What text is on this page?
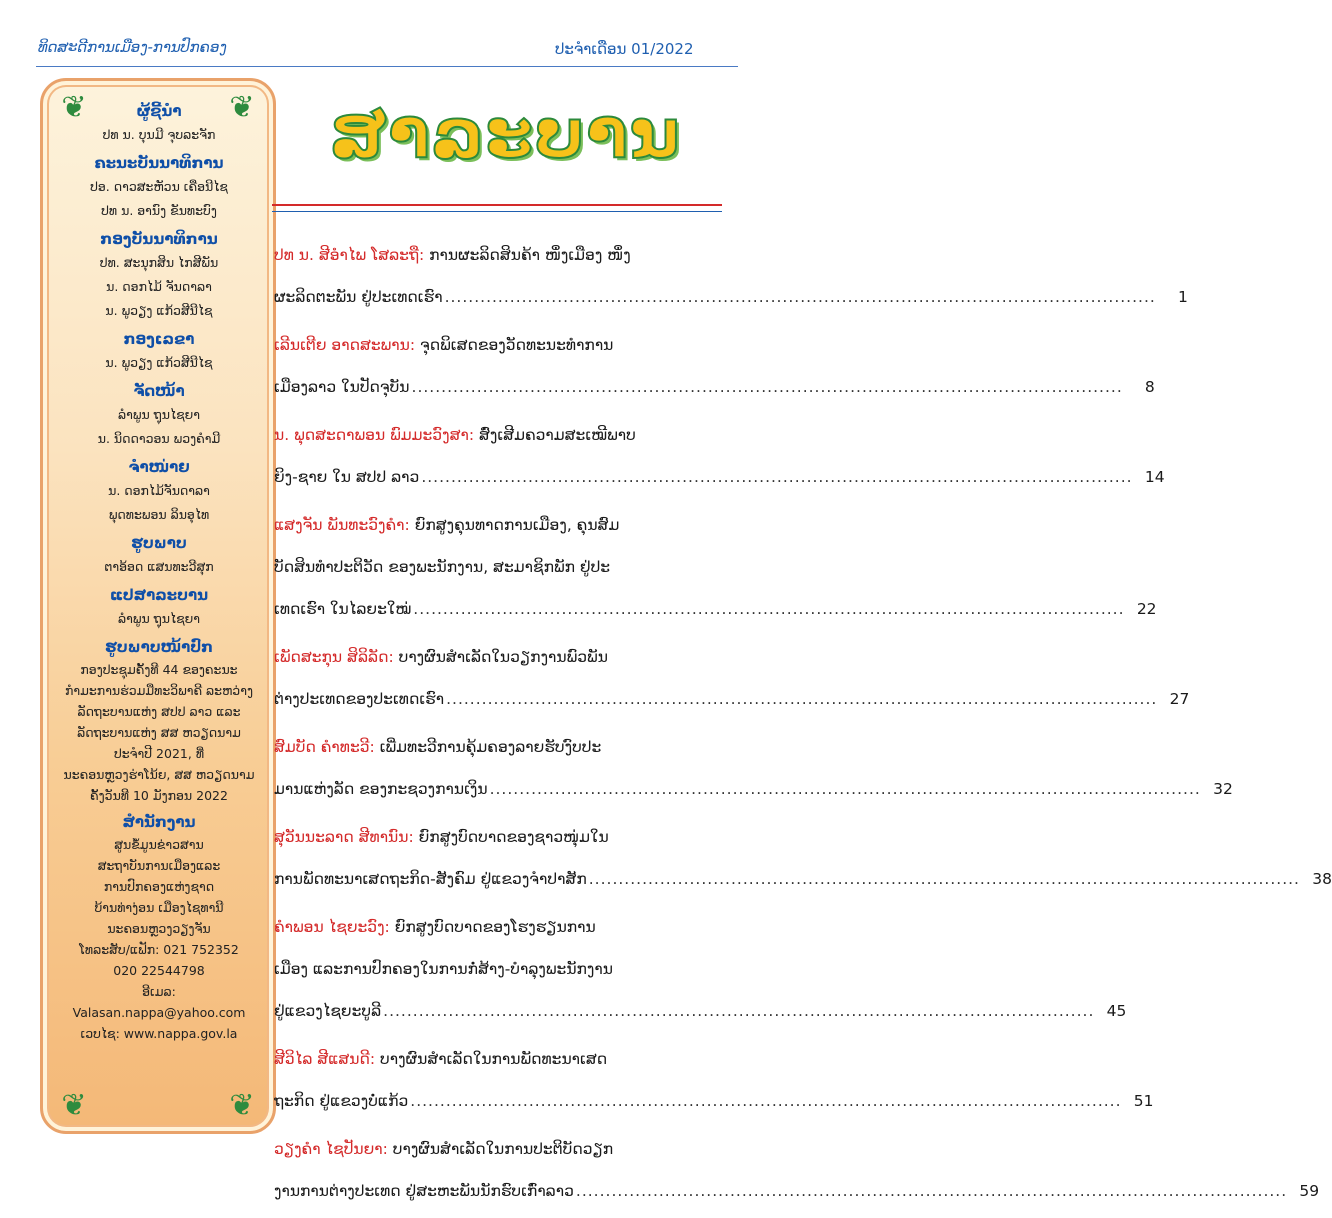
ທິດສະດີການເມືອງ-ການປົກຄອງ	ປະຈໍາເດືອນ 01/2022
❦	❦
❦	❦
ຜູ້ຊີ້ນໍາ
ປທ ນ. ບຸນມີ ຈຸບລະຈັກ
ຄະນະບັນນາທິການ
ປອ. ດາວສະຫັວນ ເຄືອນີໄຊ
ປທ ນ. ອານົງ ຂັນທະບົງ
ກອງບັນນາທິການ
ປທ. ສະນຸກສິນ ໄກສີພັນ
ນ. ດອກໄມ້ ຈັນດາລາ
ນ. ພູວຽງ ແກ້ວສີນີໄຊ
ກອງເລຂາ
ນ. ພູວຽງ ແກ້ວສີນີໄຊ
ຈັດໜ້າ
ລໍາພູນ ຖຸນໄຊຍາ
ນ. ນິດດາວອນ ພວງຄໍາມີ
ຈໍາໜ່າຍ
ນ. ດອກໄມ້ຈັນດາລາ
ພຸດທະພອນ ລິນອຸໄທ
ຮູບພາບ
ຕາອ້ອດ ແສນທະວີສຸກ
ແປສາລະບານ
ລໍາພູນ ຖຸນໄຊຍາ
ຮູບພາບໜ້າປົກ
ກອງປະຊຸມຄັ້ງທີ 44 ຂອງຄະນະ
ກໍາມະການຮ່ວມມືທະວິພາຄີ ລະຫວ່າງ
ລັດຖະບານແຫ່ງ ສປປ ລາວ ແລະ
ລັດຖະບານແຫ່ງ ສສ ຫວຽດນາມ
ປະຈໍາປີ 2021, ທີ່
ນະຄອນຫຼວງຮ່າໂນ້ຍ, ສສ ຫວຽດນາມ
ຄັ້ງວັນທີ 10 ມັງກອນ 2022
ສໍານັກງານ
ສູນຂໍ້ມູນຂ່າວສານ
ສະຖາບັນການເມືອງແລະ
ການປົກຄອງແຫ່ງຊາດ
ບ້ານທ່າງ່ອນ ເມືອງໄຊທານີ
ນະຄອນຫຼວງວຽງຈັນ
ໂທລະສັບ/ແຟັກ: 021 752352
020 22544798
ອີເມລ:
Valasan.nappa@yahoo.com
ເວບໄຊ: www.nappa.gov.la
ສາລະບານ
ປທ ນ. ສີອໍາໄພ ໂສລະຖື: ການຜະລິດສິນຄ້າ ໜຶ່ງເມືອງ ໜຶ່ງ
ຜະລິດຕະພັນ ຢູ່ປະເທດເຮົາ ........................................................................................................................	1
ເລີນເຕີຍ ອາດສະພານ: ຈຸດພິເສດຂອງວັດທະນະທໍາການ
ເມືອງລາວ ໃນປັດຈຸບັນ ........................................................................................................................	8
ນ. ພຸດສະດາພອນ ພົມມະວົງສາ: ສົ່ງເສີມຄວາມສະເໝີພາບ
ຍິງ-ຊາຍ ໃນ ສປປ ລາວ ........................................................................................................................ 14
ແສງຈັນ ພັນທະວົງຄໍາ: ຍົກສູງຄຸນທາດການເມືອງ, ຄຸນສົມ
ບັດສິນທໍາປະຕິວັດ ຂອງພະນັກງານ, ສະມາຊິກພັກ ຢູ່ປະ
ເທດເຮົາ ໃນໄລຍະໃໝ່ ........................................................................................................................ 22
ເພັດສະກຸນ ສິລິລັດ: ບາງຜົນສໍາເລັດໃນວຽກງານພົວພັນ
ຕ່າງປະເທດຂອງປະເທດເຮົາ ........................................................................................................................ 27
ສົມບັດ ຄໍາທະວີ: ເພີ່ມທະວີການຄຸ້ມຄອງລາຍຮັບງົບປະ
ມານແຫ່ງລັດ ຂອງກະຊວງການເງິນ ........................................................................................................................ 32
ສຸວັນນະລາດ ສີທານົນ: ຍົກສູງບົດບາດຂອງຊາວໜຸ່ມໃນ
ການພັດທະນາເສດຖະກິດ-ສັງຄົມ ຢູ່ແຂວງຈໍາປາສັກ ........................................................................................................................ 38
ຄໍາພອນ ໄຊຍະວົງ: ຍົກສູງບົດບາດຂອງໂຮງຮຽນການ
ເມືອງ ແລະການປົກຄອງໃນການກໍ່ສ້າງ-ບໍາລຸງພະນັກງານ
ຢູ່ແຂວງໄຊຍະບູລີ ........................................................................................................................ 45
ສີວິໄລ ສີແສນດີ: ບາງຜົນສໍາເລັດໃນການພັດທະນາເສດ
ຖະກິດ ຢູ່ແຂວງບໍ່ແກ້ວ ........................................................................................................................ 51
ວຽງຄໍາ ໄຊປັນຍາ: ບາງຜົນສໍາເລັດໃນການປະຕິບັດວຽກ
ງານການຕ່າງປະເທດ ຢູ່ສະຫະພັນນັກຮົບເກົ່າລາວ ........................................................................................................................ 59
